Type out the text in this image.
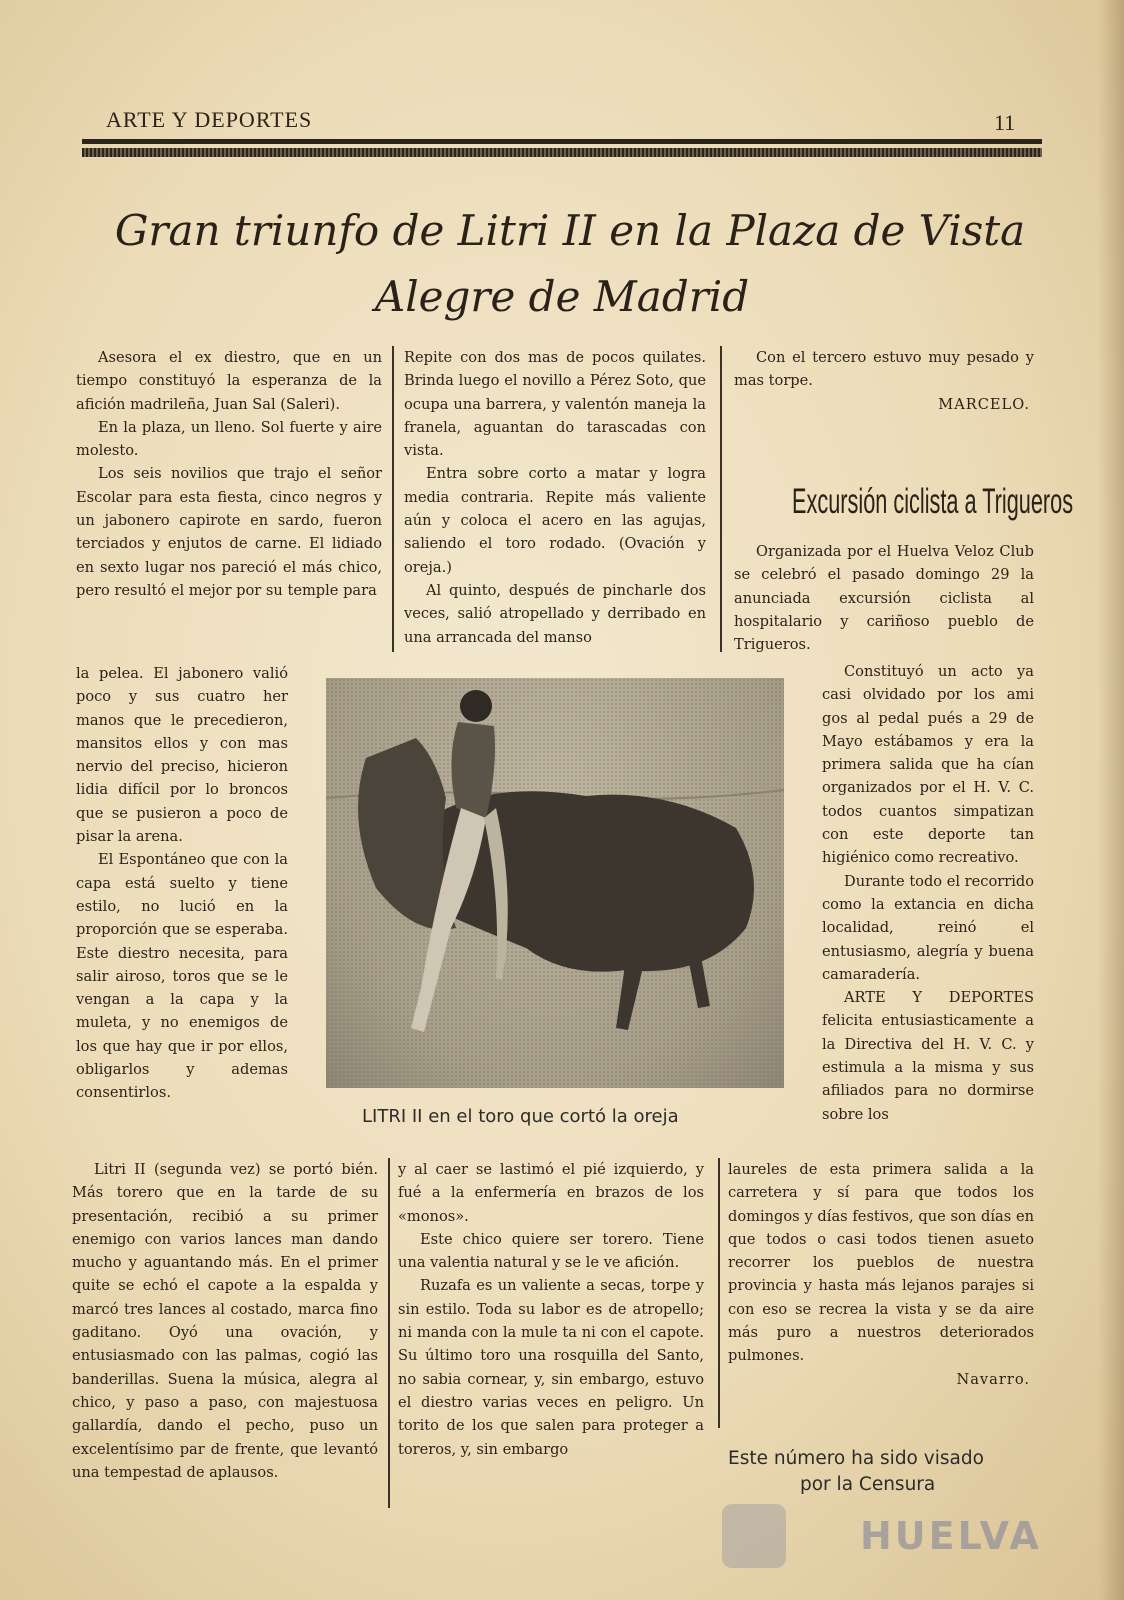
ARTE Y DEPORTES	11
Gran triunfo de Litri II en la Plaza de Vista
Alegre de Madrid

Asesora el ex diestro, que en un tiempo constituyó la esperanza de la afición madrileña, Juan Sal (Saleri).

En la plaza, un lleno. Sol fuerte y aire molesto.

Los seis novilios que trajo el señor Escolar para esta fiesta, cinco negros y un jabonero capirote en sardo, fueron terciados y enjutos de carne. El lidiado en sexto lugar nos pareció el más chico, pero resultó el mejor por su temple para

la pelea. El jabonero valió poco y sus cuatro her manos que le precedieron, mansitos ellos y con mas nervio del preciso, hicieron lidia difícil por lo broncos que se pusieron a poco de pisar la arena.

El Espontáneo que con la capa está suelto y tiene estilo, no lució en la proporción que se esperaba. Este diestro necesita, para salir airoso, toros que se le vengan a la capa y la muleta, y no enemigos de los que hay que ir por ellos, obligarlos y ademas consentirlos.

Litri II (segunda vez) se portó bién. Más torero que en la tarde de su presentación, recibió a su primer enemigo con varios lances man dando mucho y aguantando más. En el primer quite se echó el capote a la espalda y marcó tres lances al costado, marca fino gaditano. Oyó una ovación, y entusiasmado con las palmas, cogió las banderillas. Suena la música, alegra al chico, y paso a paso, con majestuosa gallardía, dando el pecho, puso un excelentísimo par de frente, que levantó una tempestad de aplausos.

Repite con dos mas de pocos quilates. Brinda luego el novillo a Pérez Soto, que ocupa una barrera, y valentón maneja la franela, aguantan do tarascadas con vista.

Entra sobre corto a matar y logra media contraria. Repite más valiente aún y coloca el acero en las agujas, saliendo el toro rodado. (Ovación y oreja.)

Al quinto, después de pincharle dos veces, salió atropellado y derribado en una arrancada del manso

y al caer se lastimó el pié izquierdo, y fué a la enfermería en brazos de los «monos».

Este chico quiere ser torero. Tiene una valentia natural y se le ve afición.

Ruzafa es un valiente a secas, torpe y sin estilo. Toda su labor es de atropello; ni manda con la mule ta ni con el capote. Su último toro una rosquilla del Santo, no sabia cornear, y, sin embargo, estuvo el diestro varias veces en peligro. Un torito de los que salen para proteger a toreros, y, sin embargo

Con el tercero estuvo muy pesado y mas torpe.

MARCELO.

Excursión ciclista a Trigueros

Organizada por el Huelva Veloz Club se celebró el pasado domingo 29 la anunciada excursión ciclista al hospitalario y cariñoso pueblo de Trigueros.

Constituyó un acto ya casi olvidado por los ami gos al pedal pués a 29 de Mayo estábamos y era la primera salida que ha cían organizados por el H. V. C. todos cuantos simpatizan con este deporte tan higiénico como recreativo.

Durante todo el recorrido como la extancia en dicha localidad, reinó el entusiasmo, alegría y buena camaradería.

ARTE Y DEPORTES felicita entusiasticamente a la Directiva del H. V. C. y estimula a la misma y sus afiliados para no dormirse sobre los

laureles de esta primera salida a la carretera y sí para que todos los domingos y días festivos, que son días en que todos o casi todos tienen asueto recorrer los pueblos de nuestra provincia y hasta más lejanos parajes si con eso se recrea la vista y se da aire más puro a nuestros deteriorados pulmones.

Navarro.

LITRI II en el toro que cortó la oreja
Este número ha sido visado
por la Censura
HUELVA
